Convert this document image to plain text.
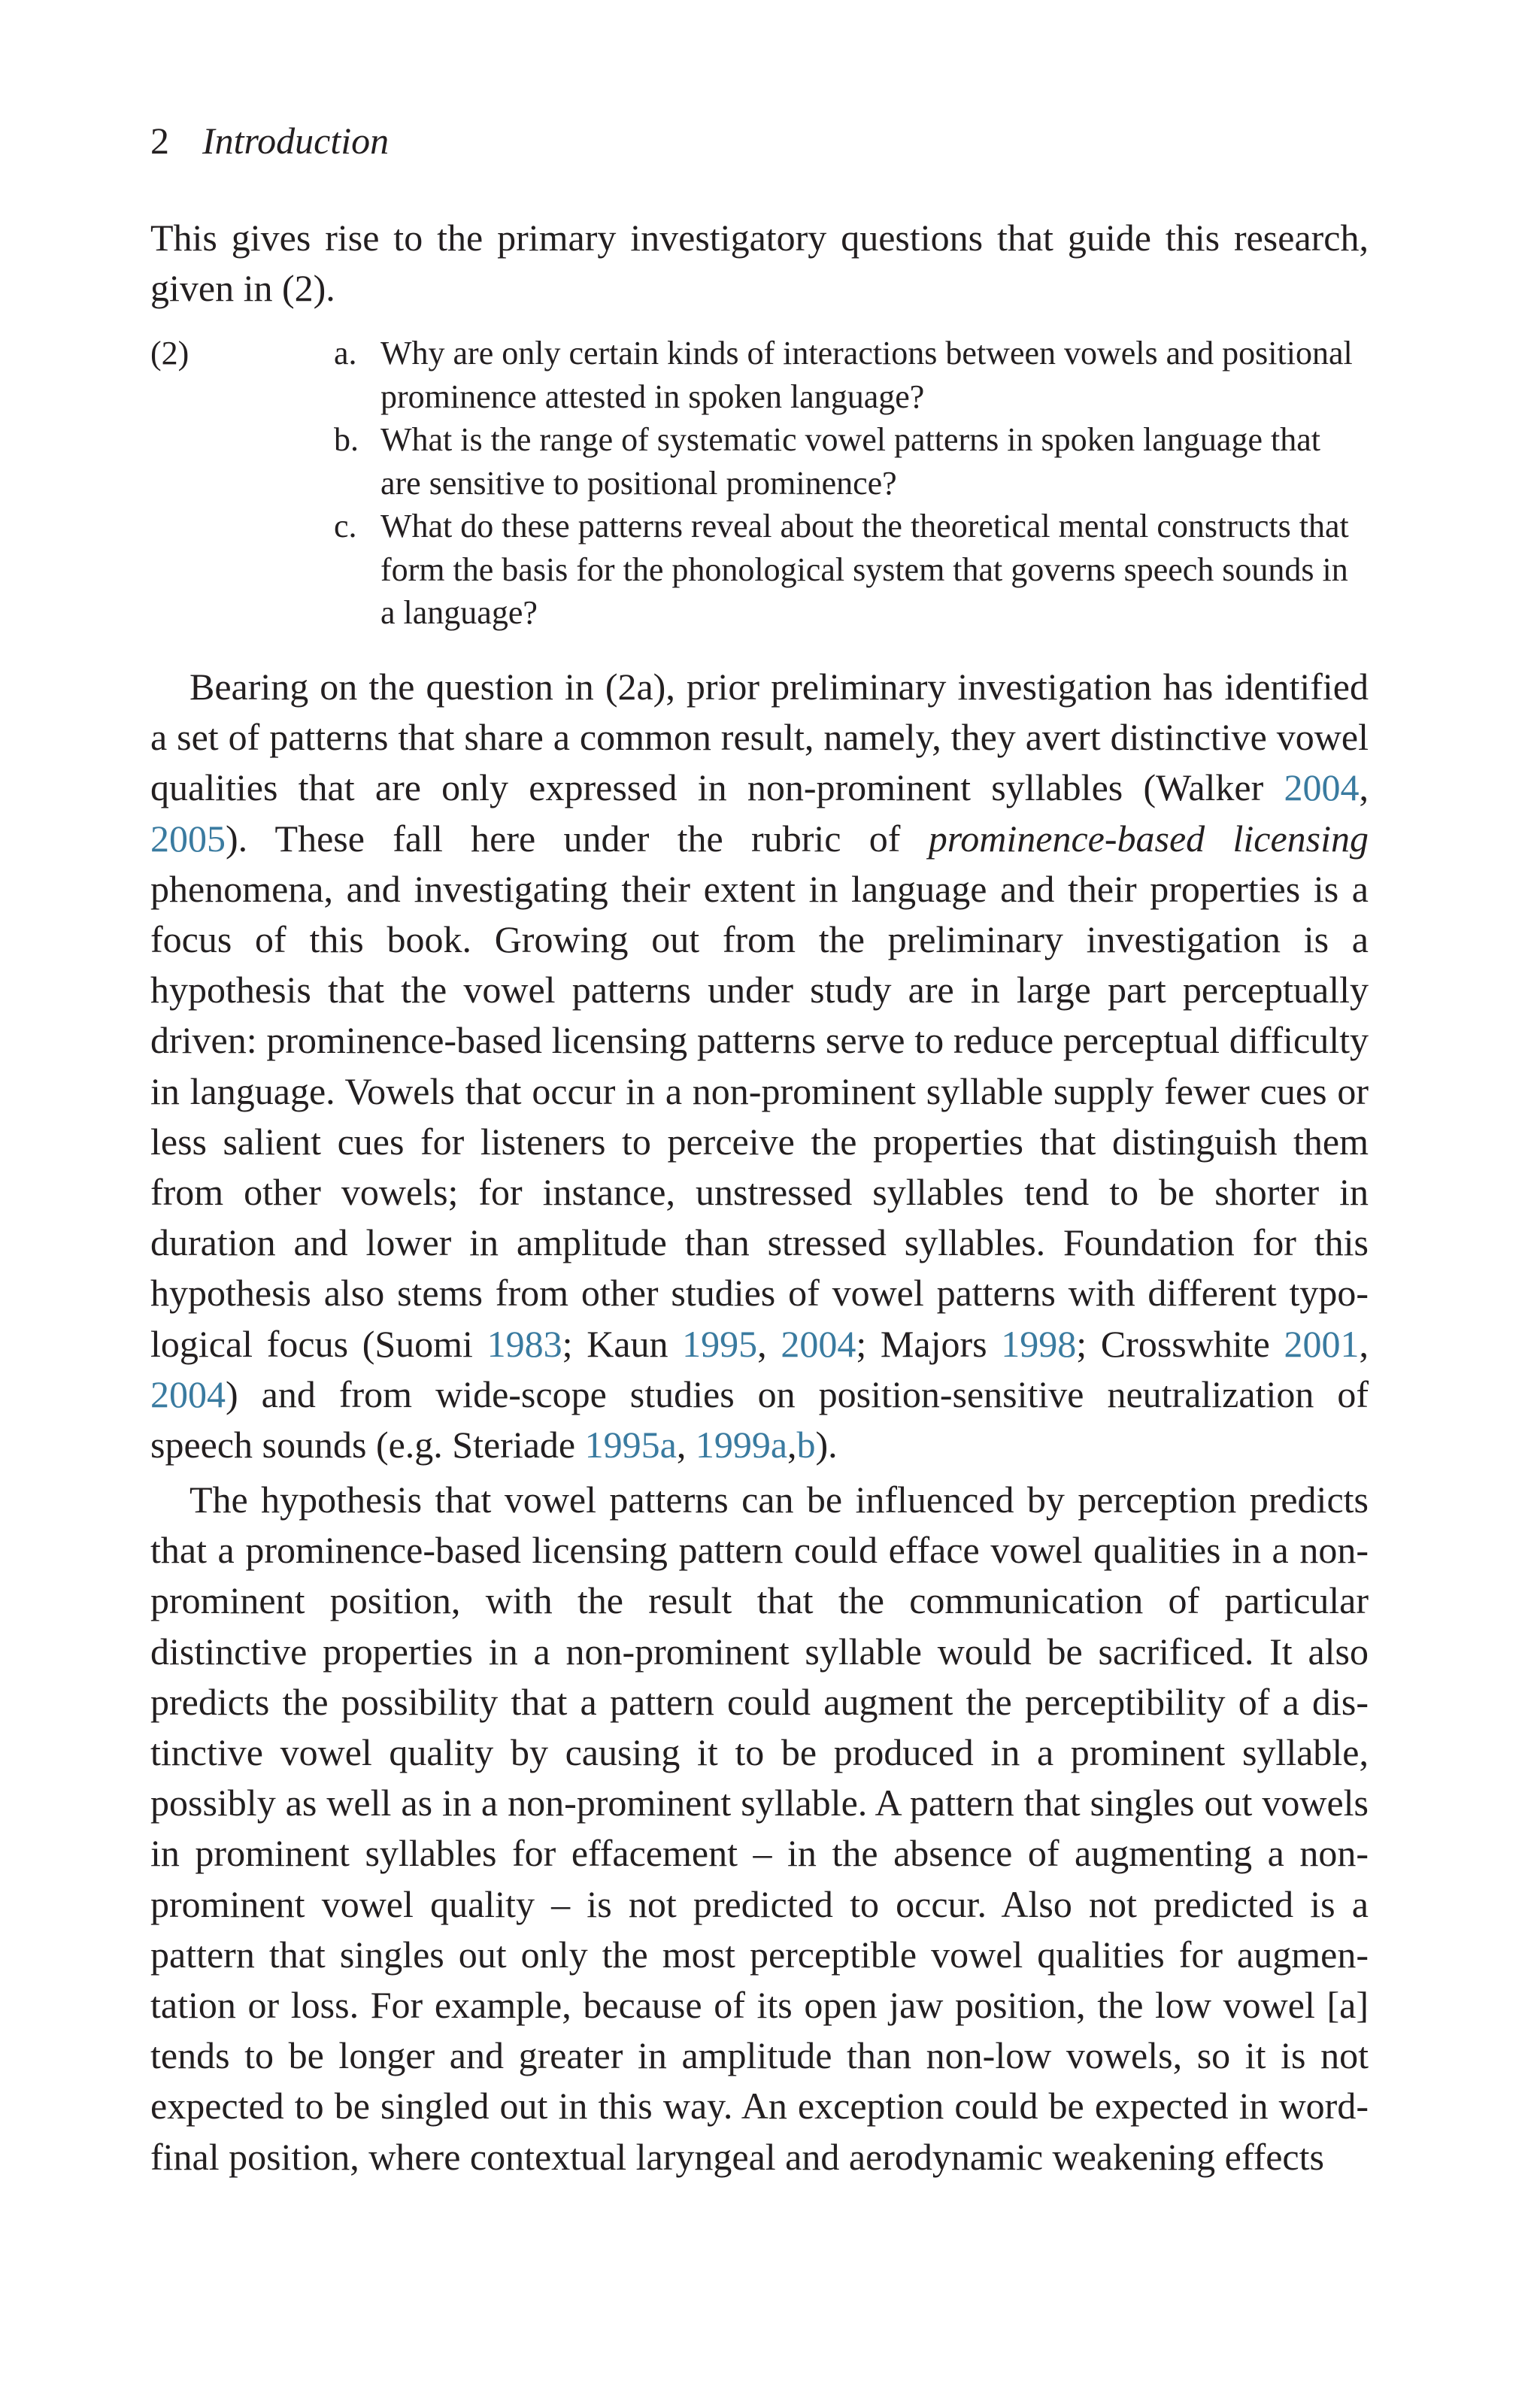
2 Introduction

This gives rise to the primary investigatory questions that guide this research, given in (2).

(2)	a. Why are only certain kinds of interactions between vowels and positional prominence attested in spoken language?
b. What is the range of systematic vowel patterns in spoken language that are sensitive to positional prominence?
c. What do these patterns reveal about the theoretical mental constructs that form the basis for the phonological system that governs speech sounds in a language?

Bearing on the question in (2a), prior preliminary investigation has identified a set of patterns that share a common result, namely, they avert distinctive vowel qualities that are only expressed in non-prominent syllables (Walker 2004, 2005). These fall here under the rubric of prominence-based licensing phenomena, and investigating their extent in language and their properties is a focus of this book. Growing out from the preliminary investigation is a hypothesis that the vowel patterns under study are in large part perceptually driven: prominence-based licensing patterns serve to reduce perceptual difficulty in language. Vowels that occur in a non-prominent syllable supply fewer cues or less salient cues for listeners to perceive the properties that distinguish them from other vowels; for instance, unstressed syllables tend to be shorter in duration and lower in amplitude than stressed syllables. Foundation for this hypothesis also stems from other studies of vowel patterns with different typological focus (Suomi 1983; Kaun 1995, 2004; Majors 1998; Crosswhite 2001, 2004) and from wide-scope studies on position-sensitive neutralization of speech sounds (e.g. Steriade 1995a, 1999a,b).

The hypothesis that vowel patterns can be influenced by perception predicts that a prominence-based licensing pattern could efface vowel qualities in a non-prominent position, with the result that the communication of particular distinctive properties in a non-prominent syllable would be sacrificed. It also predicts the possibility that a pattern could augment the perceptibility of a distinctive vowel quality by causing it to be produced in a prominent syllable, possibly as well as in a non-prominent syllable. A pattern that singles out vowels in prominent syllables for effacement – in the absence of augmenting a non-prominent vowel quality – is not predicted to occur. Also not predicted is a pattern that singles out only the most perceptible vowel qualities for augmentation or loss. For example, because of its open jaw position, the low vowel [a] tends to be longer and greater in amplitude than non-low vowels, so it is not expected to be singled out in this way. An exception could be expected in word-final position, where contextual laryngeal and aerodynamic weakening effects
